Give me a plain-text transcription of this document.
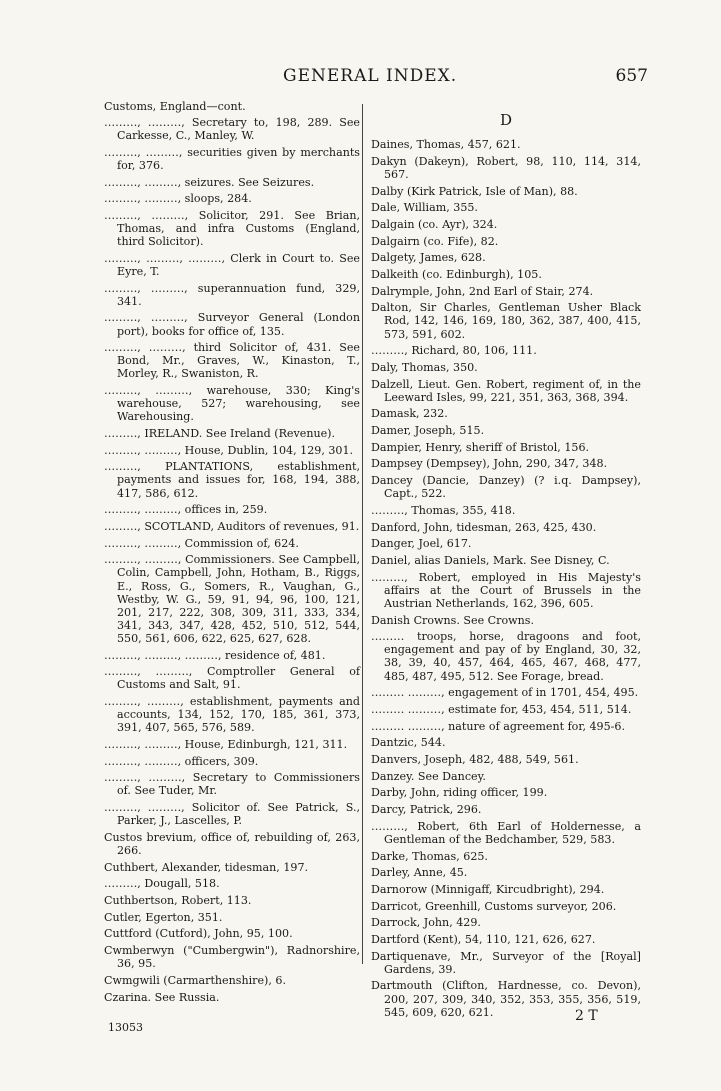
GENERAL INDEX.	657
Customs, England—cont.

………, ………, Secretary to, 198, 289. See Carkesse, C., Manley, W.

………, ………, securities given by merchants for, 376.

………, ………, seizures. See Seizures.

………, ………, sloops, 284.

………, ………, Solicitor, 291. See Brian, Thomas, and infra Customs (England, third Solicitor).

………, ………, ………, Clerk in Court to. See Eyre, T.

………, ………, superannuation fund, 329, 341.

………, ………, Surveyor General (London port), books for office of, 135.

………, ………, third Solicitor of, 431. See Bond, Mr., Graves, W., Kinaston, T., Morley, R., Swaniston, R.

………, ………, warehouse, 330; King's warehouse, 527; warehousing, see Warehousing.

………, IRELAND. See Ireland (Revenue).

………, ………, House, Dublin, 104, 129, 301.

………, PLANTATIONS, establishment, payments and issues for, 168, 194, 388, 417, 586, 612.

………, ………, offices in, 259.

………, SCOTLAND, Auditors of revenues, 91.

………, ………, Commission of, 624.

………, ………, Commissioners. See Campbell, Colin, Campbell, John, Hotham, B., Riggs, E., Ross, G., Somers, R., Vaughan, G., Westby, W. G., 59, 91, 94, 96, 100, 121, 201, 217, 222, 308, 309, 311, 333, 334, 341, 343, 347, 428, 452, 510, 512, 544, 550, 561, 606, 622, 625, 627, 628.

………, ………, ………, residence of, 481.

………, ………, Comptroller General of Customs and Salt, 91.

………, ………, establishment, payments and accounts, 134, 152, 170, 185, 361, 373, 391, 407, 565, 576, 589.

………, ………, House, Edinburgh, 121, 311.

………, ………, officers, 309.

………, ………, Secretary to Commissioners of. See Tuder, Mr.

………, ………, Solicitor of. See Patrick, S., Parker, J., Lascelles, P.

Custos brevium, office of, rebuilding of, 263, 266.

Cuthbert, Alexander, tidesman, 197.

………, Dougall, 518.

Cuthbertson, Robert, 113.

Cutler, Egerton, 351.

Cuttford (Cutford), John, 95, 100.

Cwmberwyn ("Cumbergwin"), Radnorshire, 36, 95.

Cwmgwili (Carmarthenshire), 6.

Czarina. See Russia.

D

Daines, Thomas, 457, 621.

Dakyn (Dakeyn), Robert, 98, 110, 114, 314, 567.

Dalby (Kirk Patrick, Isle of Man), 88.

Dale, William, 355.

Dalgain (co. Ayr), 324.

Dalgairn (co. Fife), 82.

Dalgety, James, 628.

Dalkeith (co. Edinburgh), 105.

Dalrymple, John, 2nd Earl of Stair, 274.

Dalton, Sir Charles, Gentleman Usher Black Rod, 142, 146, 169, 180, 362, 387, 400, 415, 573, 591, 602.

………, Richard, 80, 106, 111.

Daly, Thomas, 350.

Dalzell, Lieut. Gen. Robert, regiment of, in the Leeward Isles, 99, 221, 351, 363, 368, 394.

Damask, 232.

Damer, Joseph, 515.

Dampier, Henry, sheriff of Bristol, 156.

Dampsey (Dempsey), John, 290, 347, 348.

Dancey (Dancie, Danzey) (? i.q. Dampsey), Capt., 522.

………, Thomas, 355, 418.

Danford, John, tidesman, 263, 425, 430.

Danger, Joel, 617.

Daniel, alias Daniels, Mark. See Disney, C.

………, Robert, employed in His Majesty's affairs at the Court of Brussels in the Austrian Netherlands, 162, 396, 605.

Danish Crowns. See Crowns.

……… troops, horse, dragoons and foot, engagement and pay of by England, 30, 32, 38, 39, 40, 457, 464, 465, 467, 468, 477, 485, 487, 495, 512. See Forage, bread.

……… ………, engagement of in 1701, 454, 495.

……… ………, estimate for, 453, 454, 511, 514.

……… ………, nature of agreement for, 495-6.

Dantzic, 544.

Danvers, Joseph, 482, 488, 549, 561.

Danzey. See Dancey.

Darby, John, riding officer, 199.

Darcy, Patrick, 296.

………, Robert, 6th Earl of Holdernesse, a Gentleman of the Bedchamber, 529, 583.

Darke, Thomas, 625.

Darley, Anne, 45.

Darnorow (Minnigaff, Kircudbright), 294.

Darricot, Greenhill, Customs surveyor, 206.

Darrock, John, 429.

Dartford (Kent), 54, 110, 121, 626, 627.

Dartiquenave, Mr., Surveyor of the [Royal] Gardens, 39.

Dartmouth (Clifton, Hardnesse, co. Devon), 200, 207, 309, 340, 352, 353, 355, 356, 519, 545, 609, 620, 621.

13053
2 T
